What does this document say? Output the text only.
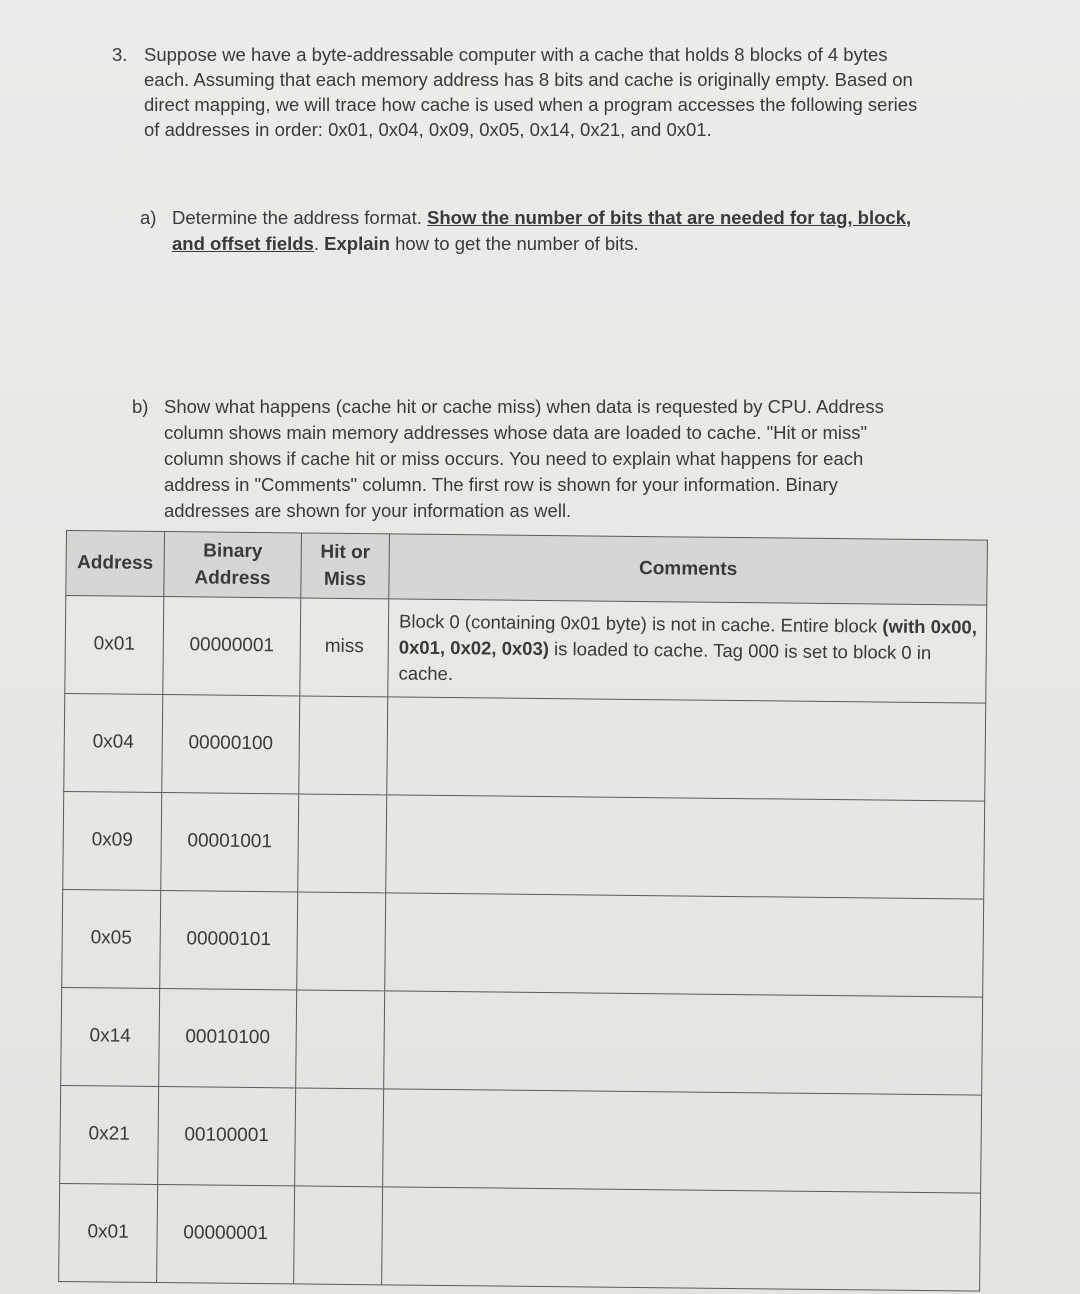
3. Suppose we have a byte-addressable computer with a cache that holds 8 blocks of 4 bytes each. Assuming that each memory address has 8 bits and cache is originally empty. Based on direct mapping, we will trace how cache is used when a program accesses the following series of addresses in order: 0x01, 0x04, 0x09, 0x05, 0x14, 0x21, and 0x01.
a) Determine the address format. Show the number of bits that are needed for tag, block, and offset fields. Explain how to get the number of bits.
b) Show what happens (cache hit or cache miss) when data is requested by CPU. Address column shows main memory addresses whose data are loaded to cache. "Hit or miss" column shows if cache hit or miss occurs. You need to explain what happens for each address in "Comments" column. The first row is shown for your information. Binary addresses are shown for your information as well.
Address	Binary Address	Hit or Miss	Comments
0x01	00000001	miss	Block 0 (containing 0x01 byte) is not in cache. Entire block (with 0x00, 0x01, 0x02, 0x03) is loaded to cache. Tag 000 is set to block 0 in cache.
0x04	00000100		
0x09	00001001		
0x05	00000101		
0x14	00010100		
0x21	00100001		
0x01	00000001		
